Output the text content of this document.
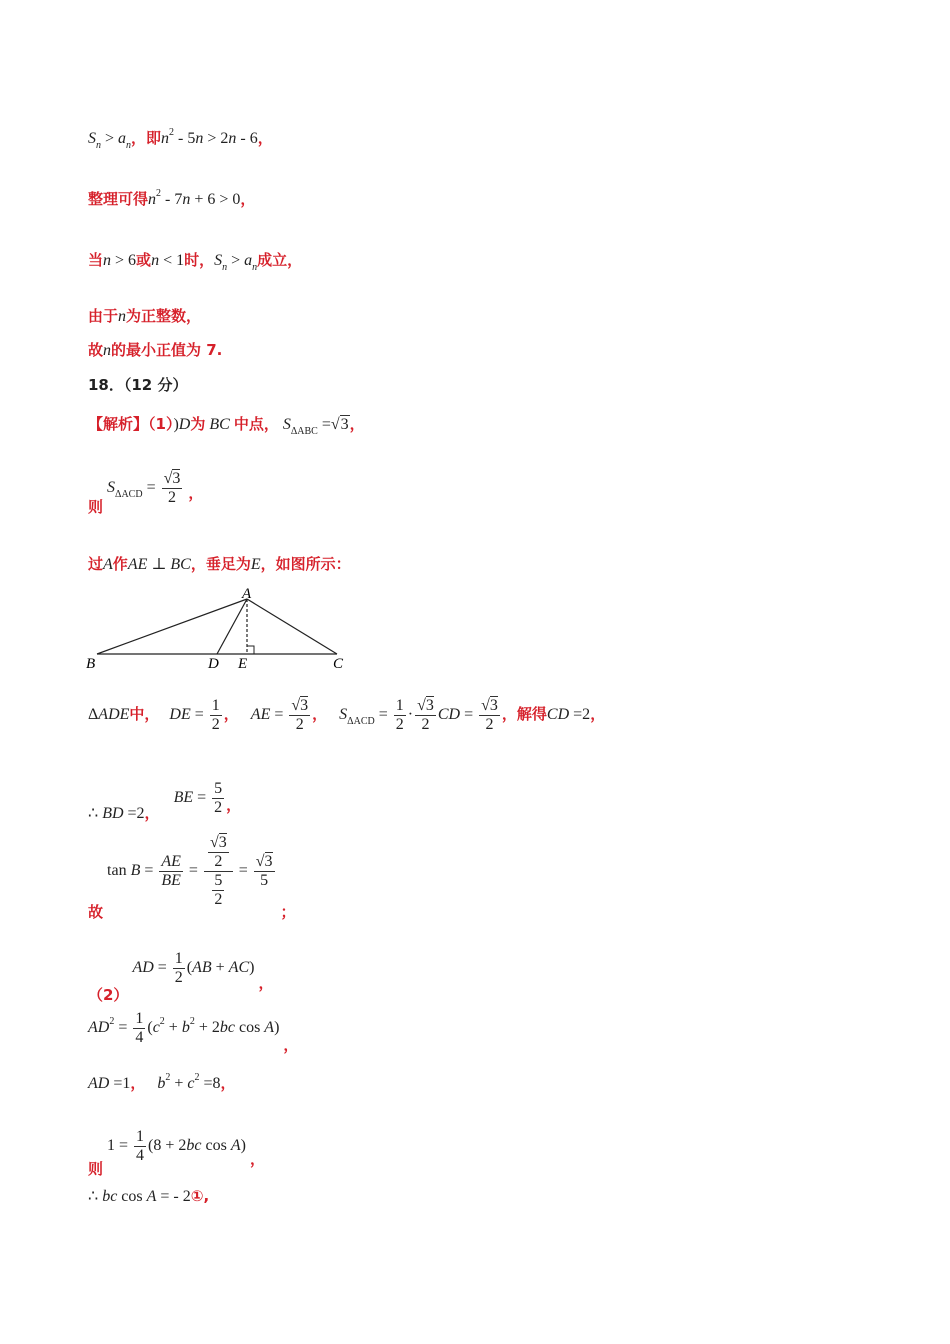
$S_n > a_n$，即$n^2 - 5n > 2n - 6$，
整理可得$n^2 - 7n + 6 > 0$，
当n > 6或n < 1时，$S_n > a_n$成立，
由于n为正整数，
故n的最小正值为 7.
18．（12 分）
【解析】（1）)D为 BC 中点， $S_{\Delta ABC} =√3$，
则 $S_{\Delta ACD} = \frac{√3}{2}$ ，
过A作AE ⊥ BC，垂足为E，如图所示：
A
B	C
D E
ΔADE中， DE = $\frac{1}{2}$ ， AE = $\frac{√3}{2}$ ， $S_{\Delta ACD} = \frac{1}{2} \cdot \frac{√3}{2}$ CD = $\frac{√3}{2}$ ，解得CD =2，
∴ BD =2， BE = $\frac{5}{2}$ ，
故 $\tan B = \frac{AE}{BE} = \frac{\frac{√3}{2}}{\frac{5}{2}} = \frac{√3}{5}$
；
（2） AD = $\frac{1}{2} (AB + AC)$ ，
$AD^2 = \frac{1}{4} (c^2 + b^2 + 2bc$ cos A) ，
AD =1， $b^2 + c^2 =8$，
则 $1 = \frac{1}{4} (8 + 2bc$ cos A) ，
∴ bc cos A = - 2①,
